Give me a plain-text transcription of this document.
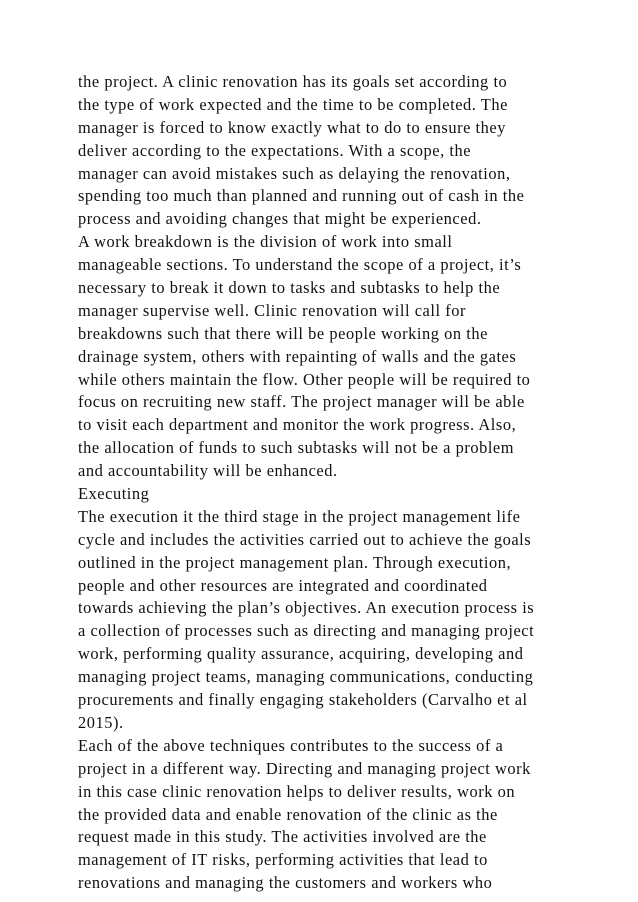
the project. A clinic renovation has its goals set according to
the type of work expected and the time to be completed. The
manager is forced to know exactly what to do to ensure they
deliver according to the expectations. With a scope, the
manager can avoid mistakes such as delaying the renovation,
spending too much than planned and running out of cash in the
process and avoiding changes that might be experienced.
A work breakdown is the division of work into small
manageable sections. To understand the scope of a project, it’s
necessary to break it down to tasks and subtasks to help the
manager supervise well. Clinic renovation will call for
breakdowns such that there will be people working on the
drainage system, others with repainting of walls and the gates
while others maintain the flow. Other people will be required to
focus on recruiting new staff. The project manager will be able
to visit each department and monitor the work progress. Also,
the allocation of funds to such subtasks will not be a problem
and accountability will be enhanced.
Executing
The execution it the third stage in the project management life
cycle and includes the activities carried out to achieve the goals
outlined in the project management plan. Through execution,
people and other resources are integrated and coordinated
towards achieving the plan’s objectives. An execution process is
a collection of processes such as directing and managing project
work, performing quality assurance, acquiring, developing and
managing project teams, managing communications, conducting
procurements and finally engaging stakeholders (Carvalho et al
2015).
Each of the above techniques contributes to the success of a
project in a different way. Directing and managing project work
in this case clinic renovation helps to deliver results, work on
the provided data and enable renovation of the clinic as the
request made in this study. The activities involved are the
management of IT risks, performing activities that lead to
renovations and managing the customers and workers who
